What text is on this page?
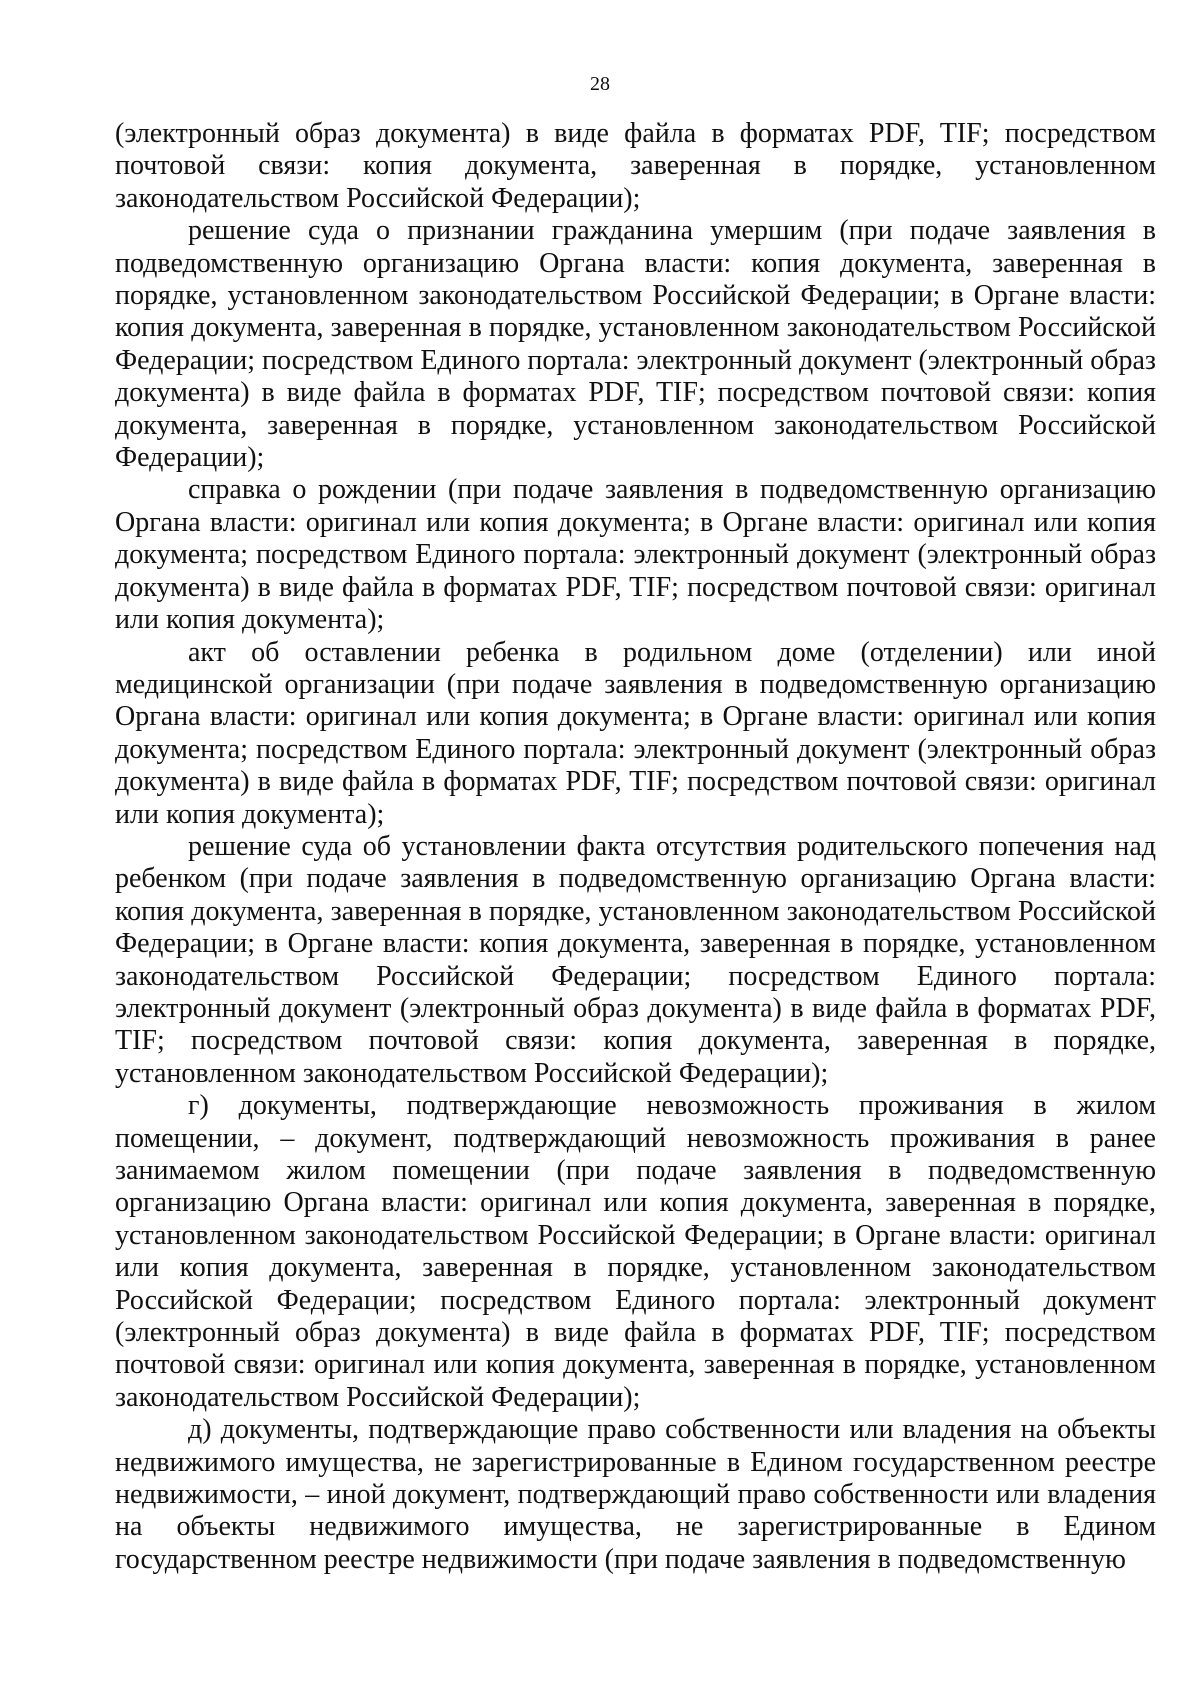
28

(электронный образ документа) в виде файла в форматах PDF, TIF; посредством почтовой связи: копия документа, заверенная в порядке, установленном законодательством Российской Федерации);

решение суда о признании гражданина умершим (при подаче заявления в подведомственную организацию Органа власти: копия документа, заверенная в порядке, установленном законодательством Российской Федерации; в Органе власти: копия документа, заверенная в порядке, установленном законодательством Российской Федерации; посредством Единого портала: электронный документ (электронный образ документа) в виде файла в форматах PDF, TIF; посредством почтовой связи: копия документа, заверенная в порядке, установленном законодательством Российской Федерации);

справка о рождении (при подаче заявления в подведомственную организацию Органа власти: оригинал или копия документа; в Органе власти: оригинал или копия документа; посредством Единого портала: электронный документ (электронный образ документа) в виде файла в форматах PDF, TIF; посредством почтовой связи: оригинал или копия документа);

акт об оставлении ребенка в родильном доме (отделении) или иной медицинской организации (при подаче заявления в подведомственную организацию Органа власти: оригинал или копия документа; в Органе власти: оригинал или копия документа; посредством Единого портала: электронный документ (электронный образ документа) в виде файла в форматах PDF, TIF; посредством почтовой связи: оригинал или копия документа);

решение суда об установлении факта отсутствия родительского попечения над ребенком (при подаче заявления в подведомственную организацию Органа власти: копия документа, заверенная в порядке, установленном законодательством Российской Федерации; в Органе власти: копия документа, заверенная в порядке, установленном законодательством Российской Федерации; посредством Единого портала: электронный документ (электронный образ документа) в виде файла в форматах PDF, TIF; посредством почтовой связи: копия документа, заверенная в порядке, установленном законодательством Российской Федерации);

г) документы, подтверждающие невозможность проживания в жилом помещении, – документ, подтверждающий невозможность проживания в ранее занимаемом жилом помещении (при подаче заявления в подведомственную организацию Органа власти: оригинал или копия документа, заверенная в порядке, установленном законодательством Российской Федерации; в Органе власти: оригинал или копия документа, заверенная в порядке, установленном законодательством Российской Федерации; посредством Единого портала: электронный документ (электронный образ документа) в виде файла в форматах PDF, TIF; посредством почтовой связи: оригинал или копия документа, заверенная в порядке, установленном законодательством Российской Федерации);

д) документы, подтверждающие право собственности или владения на объекты недвижимого имущества, не зарегистрированные в Едином государственном реестре недвижимости, – иной документ, подтверждающий право собственности или владения на объекты недвижимого имущества, не зарегистрированные в Едином государственном реестре недвижимости (при подаче заявления в подведомственную
